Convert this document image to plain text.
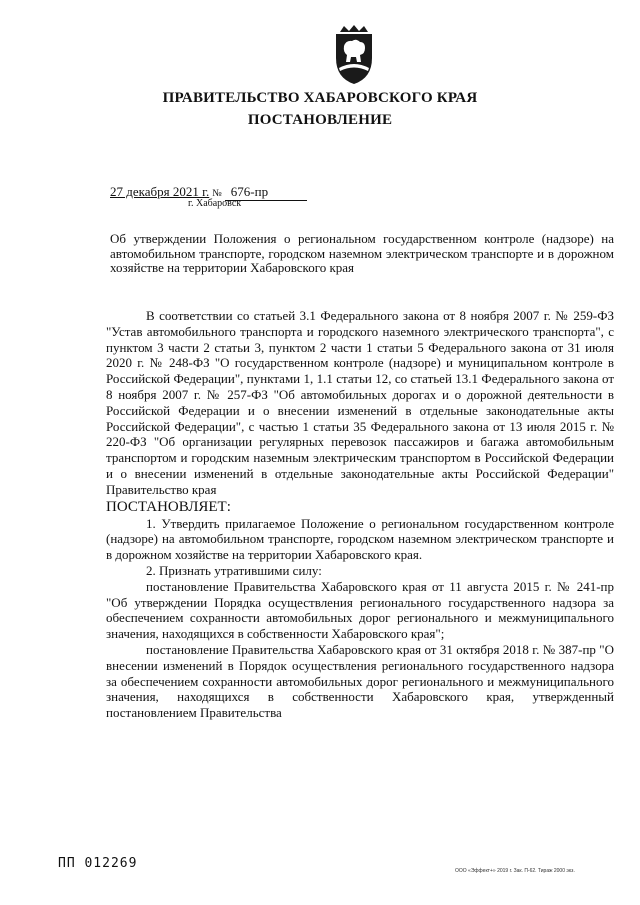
ПРАВИТЕЛЬСТВО ХАБАРОВСКОГО КРАЯ
ПОСТАНОВЛЕНИЕ
27 декабря 2021 г. № 676-пр
г. Хабаровск
Об утверждении Положения о региональном государственном контроле (надзоре) на автомобильном транспорте, городском наземном электрическом транспорте и в дорожном хозяйстве на территории Хабаровского края

В соответствии со статьей 3.1 Федерального закона от 8 ноября 2007 г. № 259-ФЗ "Устав автомобильного транспорта и городского наземного электрического транспорта", с пунктом 3 части 2 статьи 3, пунктом 2 части 1 статьи 5 Федерального закона от 31 июля 2020 г. № 248-ФЗ "О государственном контроле (надзоре) и муниципальном контроле в Российской Федерации", пунктами 1, 1.1 статьи 12, со статьей 13.1 Федерального закона от 8 ноября 2007 г. № 257-ФЗ "Об автомобильных дорогах и о дорожной деятельности в Российской Федерации и о внесении изменений в отдельные законодательные акты Российской Федерации", с частью 1 статьи 35 Федерального закона от 13 июля 2015 г. № 220-ФЗ "Об организации регулярных перевозок пассажиров и багажа автомобильным транспортом и городским наземным электрическим транспортом в Российской Федерации и о внесении изменений в отдельные законодательные акты Российской Федерации" Правительство края

ПОСТАНОВЛЯЕТ:

1. Утвердить прилагаемое Положение о региональном государственном контроле (надзоре) на автомобильном транспорте, городском наземном электрическом транспорте и в дорожном хозяйстве на территории Хабаровского края.

2. Признать утратившими силу:

постановление Правительства Хабаровского края от 11 августа 2015 г. № 241-пр "Об утверждении Порядка осуществления регионального государственного надзора за обеспечением сохранности автомобильных дорог регионального и межмуниципального значения, находящихся в собственности Хабаровского края";

постановление Правительства Хабаровского края от 31 октября 2018 г. № 387-пр "О внесении изменений в Порядок осуществления регионального государственного надзора за обеспечением сохранности автомобильных дорог регионального и межмуниципального значения, находящихся в собственности Хабаровского края, утвержденный постановлением Правительства

ПП 012269	ООО «Эффект+» 2019 г. Зак. П-62. Тираж 2000 экз.
